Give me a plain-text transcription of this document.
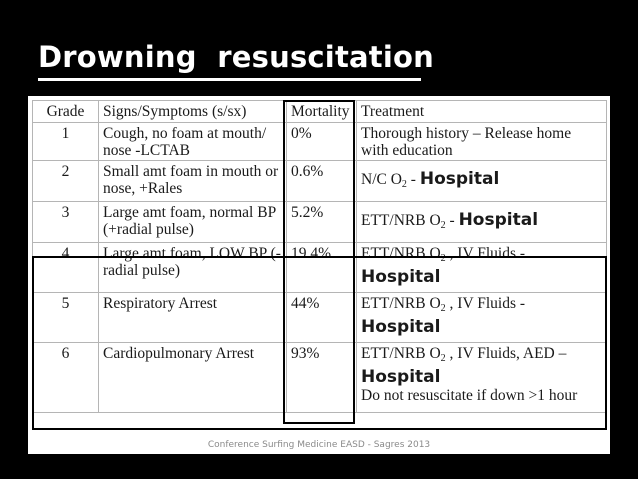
Drowning  resuscitation
Grade	Signs/Symptoms (s/sx)	Mortality	Treatment
1	Cough, no foam at mouth/ nose -LCTAB	0%	Thorough history – Release home with education
2	Small amt foam in mouth or nose, +Rales	0.6%	N/C $O_2$ - Hospital
3	Large amt foam, normal BP (+radial pulse)	5.2%	ETT/NRB $O_2$ - Hospital
4	Large amt foam, LOW BP (-radial pulse)	19.4%	ETT/NRB $O_2$ , IV Fluids -
Hospital

5	Respiratory Arrest	44%	ETT/NRB $O_2$ , IV Fluids -
Hospital

6	Cardiopulmonary Arrest	93%	ETT/NRB $O_2$ , IV Fluids, AED –
Hospital
Do not resuscitate if down >1 hour
Conference Surfing Medicine EASD - Sagres 2013
